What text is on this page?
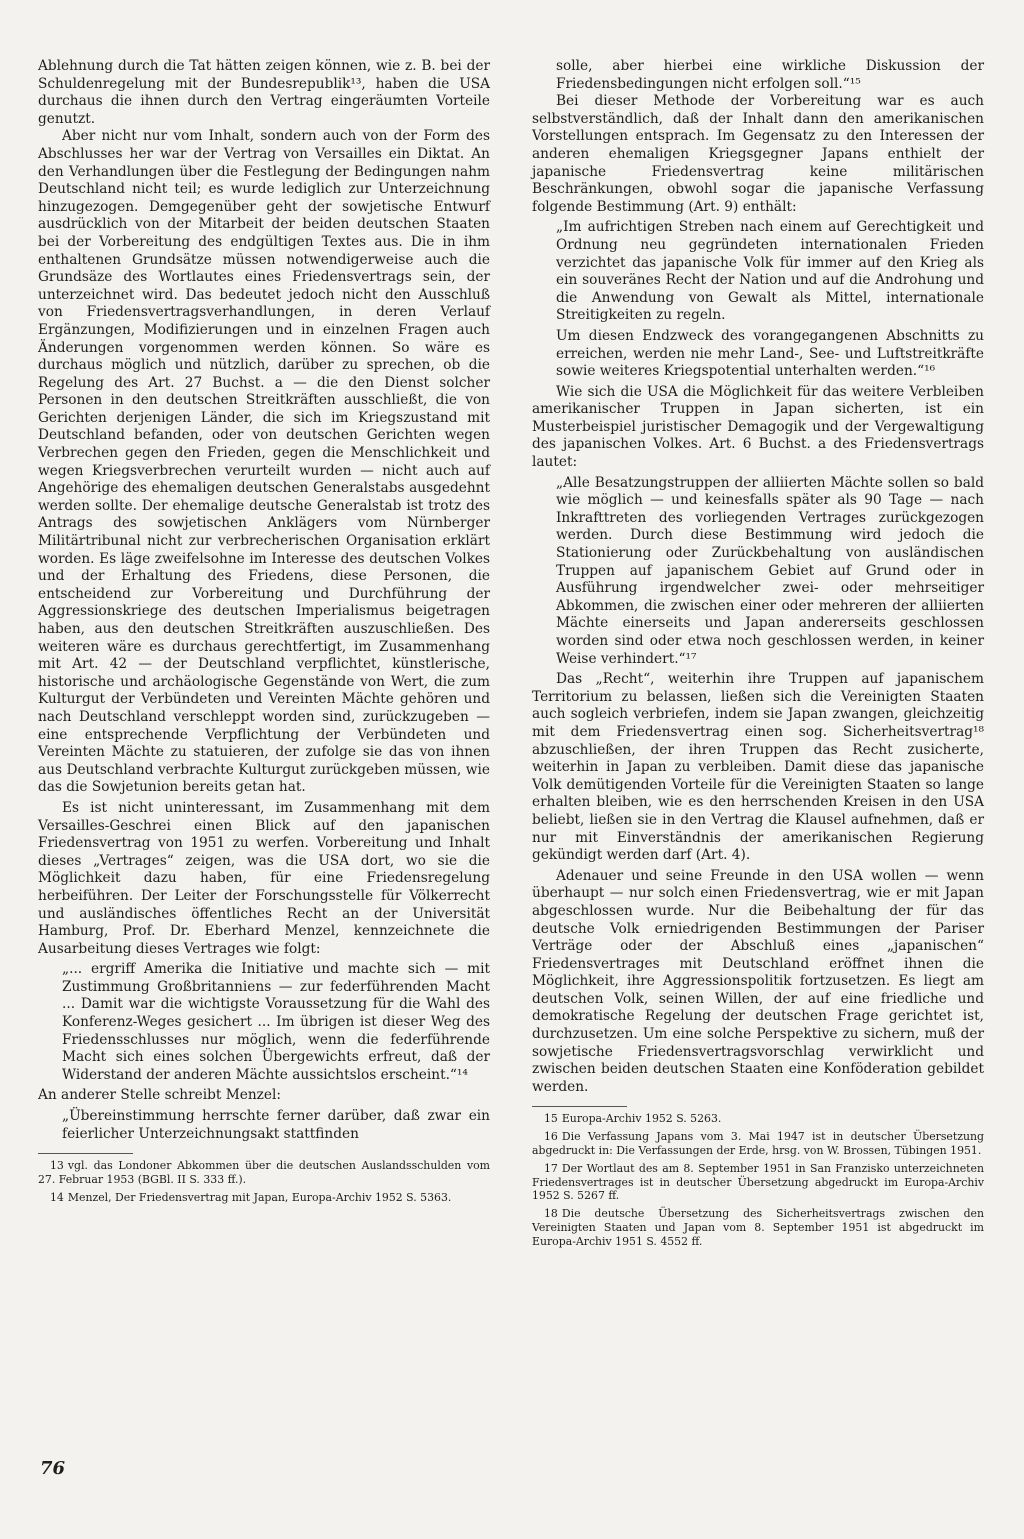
Ablehnung durch die Tat hätten zeigen können, wie z. B. bei der Schuldenregelung mit der Bundesrepublik¹³, haben die USA durchaus die ihnen durch den Vertrag eingeräumten Vorteile genutzt.

Aber nicht nur vom Inhalt, sondern auch von der Form des Abschlusses her war der Vertrag von Versailles ein Diktat. An den Verhandlungen über die Festlegung der Bedingungen nahm Deutschland nicht teil; es wurde lediglich zur Unterzeichnung hinzugezogen. Demgegenüber geht der sowjetische Entwurf ausdrücklich von der Mitarbeit der beiden deutschen Staaten bei der Vorbereitung des endgültigen Textes aus. Die in ihm enthaltenen Grundsätze müssen notwendigerweise auch die Grundsäze des Wortlautes eines Friedensvertrags sein, der unterzeichnet wird. Das bedeutet jedoch nicht den Ausschluß von Friedensvertragsverhandlungen, in deren Verlauf Ergänzungen, Modifizierungen und in einzelnen Fragen auch Änderungen vorgenommen werden können. So wäre es durchaus möglich und nützlich, darüber zu sprechen, ob die Regelung des Art. 27 Buchst. a — die den Dienst solcher Personen in den deutschen Streitkräften ausschließt, die von Gerichten derjenigen Länder, die sich im Kriegszustand mit Deutschland befanden, oder von deutschen Gerichten wegen Verbrechen gegen den Frieden, gegen die Menschlichkeit und wegen Kriegsverbrechen verurteilt wurden — nicht auch auf Angehörige des ehemaligen deutschen Generalstabs ausgedehnt werden sollte. Der ehemalige deutsche Generalstab ist trotz des Antrags des sowjetischen Anklägers vom Nürnberger Militärtribunal nicht zur verbrecherischen Organisation erklärt worden. Es läge zweifelsohne im Interesse des deutschen Volkes und der Erhaltung des Friedens, diese Personen, die entscheidend zur Vorbereitung und Durchführung der Aggressionskriege des deutschen Imperialismus beigetragen haben, aus den deutschen Streitkräften auszuschließen. Des weiteren wäre es durchaus gerechtfertigt, im Zusammenhang mit Art. 42 — der Deutschland verpflichtet, künstlerische, historische und archäologische Gegenstände von Wert, die zum Kulturgut der Verbündeten und Vereinten Mächte gehören und nach Deutschland verschleppt worden sind, zurückzugeben — eine entsprechende Verpflichtung der Verbündeten und Vereinten Mächte zu statuieren, der zufolge sie das von ihnen aus Deutschland verbrachte Kulturgut zurückgeben müssen, wie das die Sowjetunion bereits getan hat.

Es ist nicht uninteressant, im Zusammenhang mit dem Versailles-Geschrei einen Blick auf den japanischen Friedensvertrag von 1951 zu werfen. Vorbereitung und Inhalt dieses „Vertrages“ zeigen, was die USA dort, wo sie die Möglichkeit dazu haben, für eine Friedensregelung herbeiführen. Der Leiter der Forschungsstelle für Völkerrecht und ausländisches öffentliches Recht an der Universität Hamburg, Prof. Dr. Eberhard Menzel, kennzeichnete die Ausarbeitung dieses Vertrages wie folgt:

„... ergriff Amerika die Initiative und machte sich — mit Zustimmung Großbritanniens — zur federführenden Macht ... Damit war die wichtigste Voraussetzung für die Wahl des Konferenz-Weges gesichert ... Im übrigen ist dieser Weg des Friedensschlusses nur möglich, wenn die federführende Macht sich eines solchen Übergewichts erfreut, daß der Widerstand der anderen Mächte aussichtslos erscheint.“¹⁴

An anderer Stelle schreibt Menzel:

„Übereinstimmung herrschte ferner darüber, daß zwar ein feierlicher Unterzeichnungsakt stattfinden

13 vgl. das Londoner Abkommen über die deutschen Auslandsschulden vom 27. Februar 1953 (BGBl. II S. 333 ff.).
14 Menzel, Der Friedensvertrag mit Japan, Europa-Archiv 1952 S. 5363.

solle, aber hierbei eine wirkliche Diskussion der Friedensbedingungen nicht erfolgen soll.“¹⁵

Bei dieser Methode der Vorbereitung war es auch selbstverständlich, daß der Inhalt dann den amerikanischen Vorstellungen entsprach. Im Gegensatz zu den Interessen der anderen ehemaligen Kriegsgegner Japans enthielt der japanische Friedensvertrag keine militärischen Beschränkungen, obwohl sogar die japanische Verfassung folgende Bestimmung (Art. 9) enthält:

„Im aufrichtigen Streben nach einem auf Gerechtigkeit und Ordnung neu gegründeten internationalen Frieden verzichtet das japanische Volk für immer auf den Krieg als ein souveränes Recht der Nation und auf die Androhung und die Anwendung von Gewalt als Mittel, internationale Streitigkeiten zu regeln.

Um diesen Endzweck des vorangegangenen Abschnitts zu erreichen, werden nie mehr Land-, See- und Luftstreitkräfte sowie weiteres Kriegspotential unterhalten werden.“¹⁶

Wie sich die USA die Möglichkeit für das weitere Verbleiben amerikanischer Truppen in Japan sicherten, ist ein Musterbeispiel juristischer Demagogik und der Vergewaltigung des japanischen Volkes. Art. 6 Buchst. a des Friedensvertrags lautet:

„Alle Besatzungstruppen der alliierten Mächte sollen so bald wie möglich — und keinesfalls später als 90 Tage — nach Inkrafttreten des vorliegenden Vertrages zurückgezogen werden. Durch diese Bestimmung wird jedoch die Stationierung oder Zurückbehaltung von ausländischen Truppen auf japanischem Gebiet auf Grund oder in Ausführung irgendwelcher zwei- oder mehrseitiger Abkommen, die zwischen einer oder mehreren der alliierten Mächte einerseits und Japan andererseits geschlossen worden sind oder etwa noch geschlossen werden, in keiner Weise verhindert.“¹⁷

Das „Recht“, weiterhin ihre Truppen auf japanischem Territorium zu belassen, ließen sich die Vereinigten Staaten auch sogleich verbriefen, indem sie Japan zwangen, gleichzeitig mit dem Friedensvertrag einen sog. Sicherheitsvertrag¹⁸ abzuschließen, der ihren Truppen das Recht zusicherte, weiterhin in Japan zu verbleiben. Damit diese das japanische Volk demütigenden Vorteile für die Vereinigten Staaten so lange erhalten bleiben, wie es den herrschenden Kreisen in den USA beliebt, ließen sie in den Vertrag die Klausel aufnehmen, daß er nur mit Einverständnis der amerikanischen Regierung gekündigt werden darf (Art. 4).

Adenauer und seine Freunde in den USA wollen — wenn überhaupt — nur solch einen Friedensvertrag, wie er mit Japan abgeschlossen wurde. Nur die Beibehaltung der für das deutsche Volk erniedrigenden Bestimmungen der Pariser Verträge oder der Abschluß eines „japanischen“ Friedensvertrages mit Deutschland eröffnet ihnen die Möglichkeit, ihre Aggressionspolitik fortzusetzen. Es liegt am deutschen Volk, seinen Willen, der auf eine friedliche und demokratische Regelung der deutschen Frage gerichtet ist, durchzusetzen. Um eine solche Perspektive zu sichern, muß der sowjetische Friedensvertragsvorschlag verwirklicht und zwischen beiden deutschen Staaten eine Konföderation gebildet werden.

15 Europa-Archiv 1952 S. 5263.
16 Die Verfassung Japans vom 3. Mai 1947 ist in deutscher Übersetzung abgedruckt in: Die Verfassungen der Erde, hrsg. von W. Brossen, Tübingen 1951.
17 Der Wortlaut des am 8. September 1951 in San Franzisko unterzeichneten Friedensvertrages ist in deutscher Übersetzung abgedruckt im Europa-Archiv 1952 S. 5267 ff.
18 Die deutsche Übersetzung des Sicherheitsvertrags zwischen den Vereinigten Staaten und Japan vom 8. September 1951 ist abgedruckt im Europa-Archiv 1951 S. 4552 ff.
76
